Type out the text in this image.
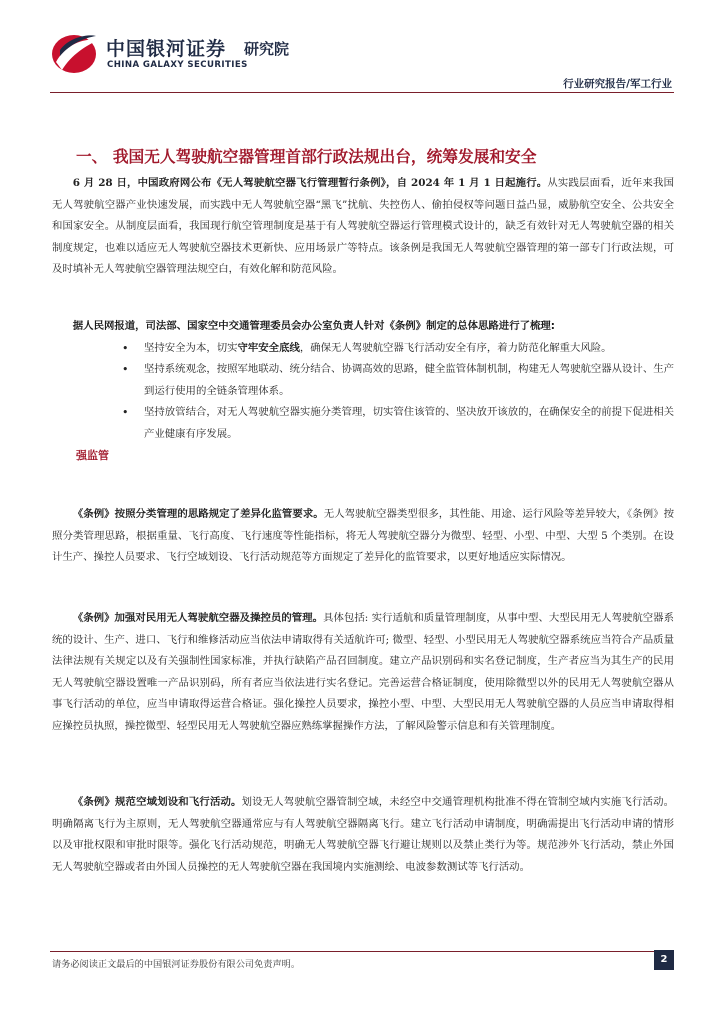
中国银河证券 研究院
CHINA GALAXY SECURITIES
行业研究报告/军工行业
一、 我国无人驾驶航空器管理首部行政法规出台，统筹发展和安全

6 月 28 日，中国政府网公布《无人驾驶航空器飞行管理暂行条例》，自 2024 年 1 月 1 日起施行。从实践层面看，近年来我国无人驾驶航空器产业快速发展，而实践中无人驾驶航空器“黑飞”扰航、失控伤人、偷拍侵权等问题日益凸显，威胁航空安全、公共安全和国家安全。从制度层面看，我国现行航空管理制度是基于有人驾驶航空器运行管理模式设计的，缺乏有效针对无人驾驶航空器的相关制度规定，也难以适应无人驾驶航空器技术更新快、应用场景广等特点。该条例是我国无人驾驶航空器管理的第一部专门行政法规，可及时填补无人驾驶航空器管理法规空白，有效化解和防范风险。

据人民网报道，司法部、国家空中交通管理委员会办公室负责人针对《条例》制定的总体思路进行了梳理:

• 坚持安全为本，切实守牢安全底线，确保无人驾驶航空器飞行活动安全有序，着力防范化解重大风险。
• 坚持系统观念，按照军地联动、统分结合、协调高效的思路，健全监管体制机制，构建无人驾驶航空器从设计、生产到运行使用的全链条管理体系。
• 坚持放管结合，对无人驾驶航空器实施分类管理，切实管住该管的、坚决放开该放的，在确保安全的前提下促进相关产业健康有序发展。
强监管

《条例》按照分类管理的思路规定了差异化监管要求。无人驾驶航空器类型很多，其性能、用途、运行风险等差异较大，《条例》按照分类管理思路，根据重量、飞行高度、飞行速度等性能指标，将无人驾驶航空器分为微型、轻型、小型、中型、大型 5 个类别。在设计生产、操控人员要求、飞行空域划设、飞行活动规范等方面规定了差异化的监管要求，以更好地适应实际情况。

《条例》加强对民用无人驾驶航空器及操控员的管理。具体包括: 实行适航和质量管理制度，从事中型、大型民用无人驾驶航空器系统的设计、生产、进口、飞行和维修活动应当依法申请取得有关适航许可; 微型、轻型、小型民用无人驾驶航空器系统应当符合产品质量法律法规有关规定以及有关强制性国家标准，并执行缺陷产品召回制度。建立产品识别码和实名登记制度，生产者应当为其生产的民用无人驾驶航空器设置唯一产品识别码，所有者应当依法进行实名登记。完善运营合格证制度，使用除微型以外的民用无人驾驶航空器从事飞行活动的单位，应当申请取得运营合格证。强化操控人员要求，操控小型、中型、大型民用无人驾驶航空器的人员应当申请取得相应操控员执照，操控微型、轻型民用无人驾驶航空器应熟练掌握操作方法，了解风险警示信息和有关管理制度。

《条例》规范空域划设和飞行活动。划设无人驾驶航空器管制空域，未经空中交通管理机构批准不得在管制空域内实施飞行活动。明确隔离飞行为主原则，无人驾驶航空器通常应与有人驾驶航空器隔离飞行。建立飞行活动申请制度，明确需提出飞行活动申请的情形以及审批权限和审批时限等。强化飞行活动规范，明确无人驾驶航空器飞行避让规则以及禁止类行为等。规范涉外飞行活动，禁止外国无人驾驶航空器或者由外国人员操控的无人驾驶航空器在我国境内实施测绘、电波参数测试等飞行活动。

请务必阅读正文最后的中国银河证券股份有限公司免责声明。	2
